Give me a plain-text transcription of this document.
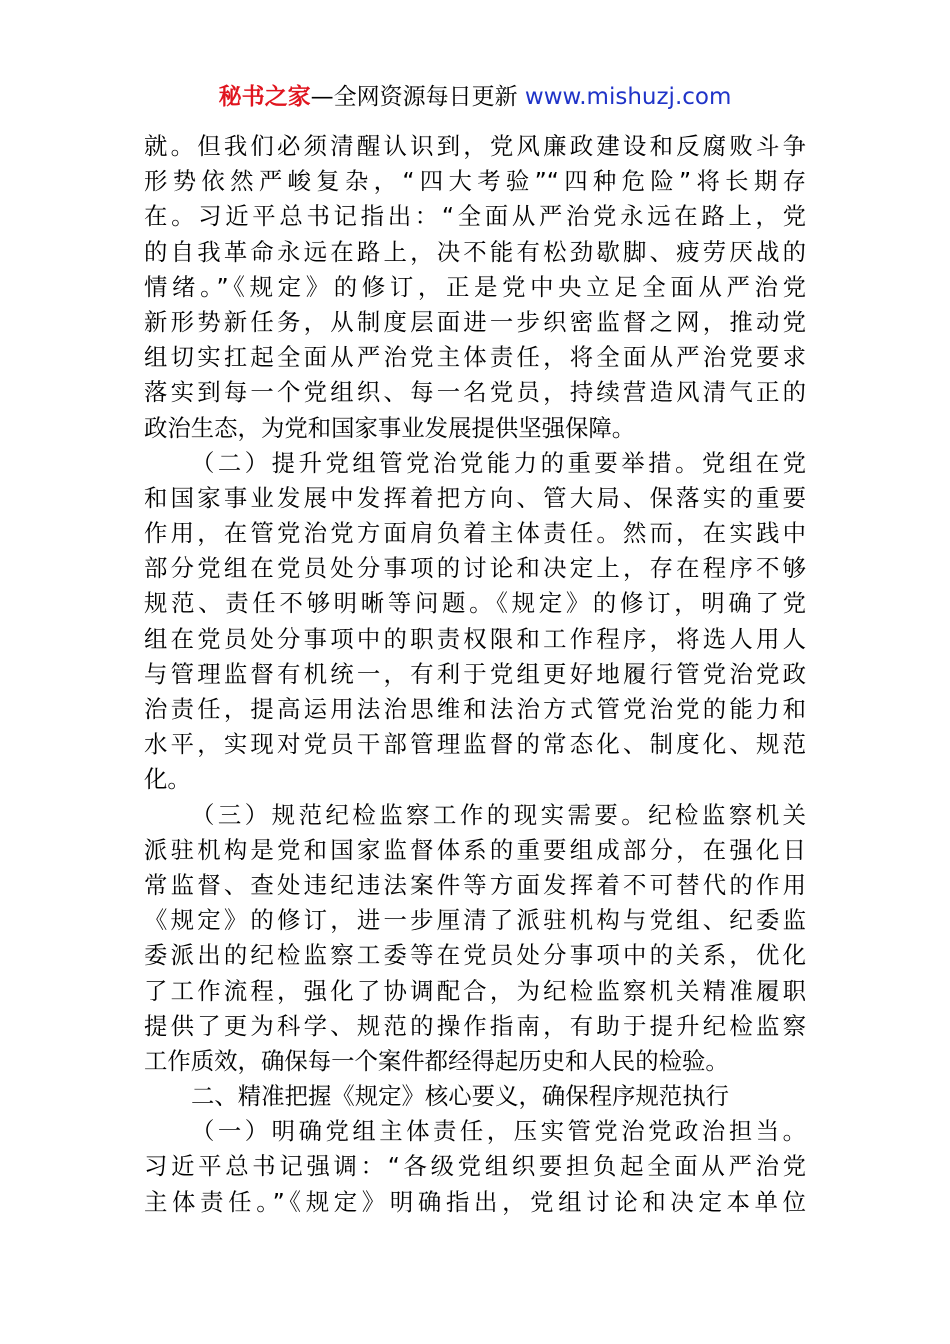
秘书之家—全网资源每日更新 www.mishuzj.com
就。但我们必须清醒认识到，党风廉政建设和反腐败斗争
形势依然严峻复杂，“四大考验”“四种危险”将长期存
在。习近平总书记指出：“全面从严治党永远在路上，党
的自我革命永远在路上，决不能有松劲歇脚、疲劳厌战的
情绪。”《规定》的修订，正是党中央立足全面从严治党
新形势新任务，从制度层面进一步织密监督之网，推动党
组切实扛起全面从严治党主体责任，将全面从严治党要求
落实到每一个党组织、每一名党员，持续营造风清气正的
政治生态，为党和国家事业发展提供坚强保障。
（二）提升党组管党治党能力的重要举措。党组在党
和国家事业发展中发挥着把方向、管大局、保落实的重要
作用，在管党治党方面肩负着主体责任。然而，在实践中
部分党组在党员处分事项的讨论和决定上，存在程序不够
规范、责任不够明晰等问题。《规定》的修订，明确了党
组在党员处分事项中的职责权限和工作程序，将选人用人
与管理监督有机统一，有利于党组更好地履行管党治党政
治责任，提高运用法治思维和法治方式管党治党的能力和
水平，实现对党员干部管理监督的常态化、制度化、规范
化。
（三）规范纪检监察工作的现实需要。纪检监察机关
派驻机构是党和国家监督体系的重要组成部分，在强化日
常监督、查处违纪违法案件等方面发挥着不可替代的作用
《规定》的修订，进一步厘清了派驻机构与党组、纪委监
委派出的纪检监察工委等在党员处分事项中的关系，优化
了工作流程，强化了协调配合，为纪检监察机关精准履职
提供了更为科学、规范的操作指南，有助于提升纪检监察
工作质效，确保每一个案件都经得起历史和人民的检验。
二、精准把握《规定》核心要义，确保程序规范执行
（一）明确党组主体责任，压实管党治党政治担当。
习近平总书记强调：“各级党组织要担负起全面从严治党
主体责任。”《规定》明确指出，党组讨论和决定本单位
